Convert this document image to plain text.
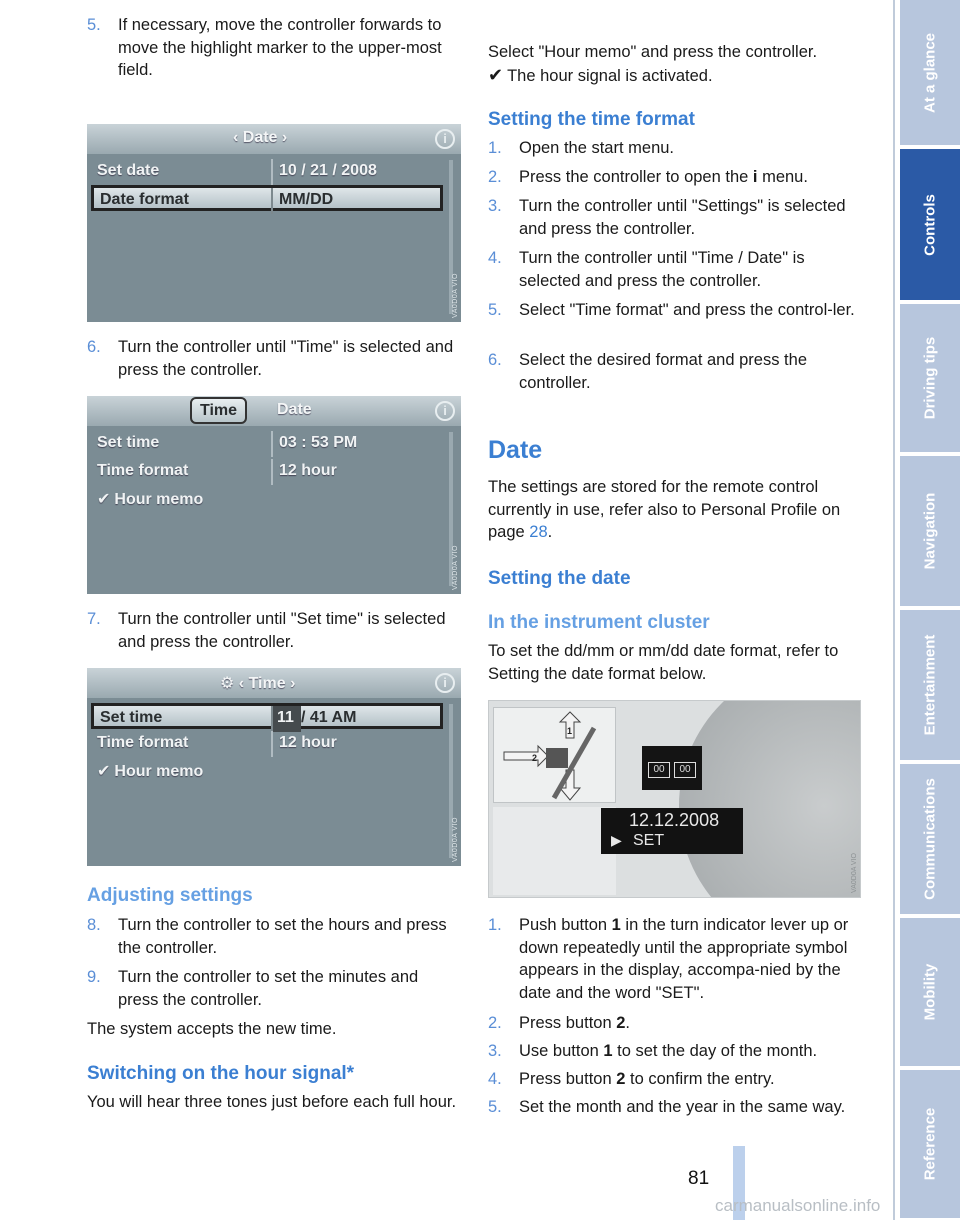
5. If necessary, move the controller forwards to move the highlight marker to the upper-most field.
‹ Date ›	i
Set date	10 / 21 / 2008
Date format	MM/DD
VA0D0A VIO
6. Turn the controller until "Time" is selected and press the controller.
Time	Date	i
Set time	03 : 53 PM
Time format	12 hour
✔ Hour memo
VA0D0A VIO
7. Turn the controller until "Set time" is selected and press the controller.
⚙ ‹ Time ›	i
Set time	11 / 41 AM
Time format	12 hour
✔ Hour memo
VA0D0A VIO
Adjusting settings
8. Turn the controller to set the hours and press the controller.
9. Turn the controller to set the minutes and press the controller.
The system accepts the new time.
Switching on the hour signal*
You will hear three tones just before each full hour.
Select "Hour memo" and press the controller.
✔ The hour signal is activated.
Setting the time format
1. Open the start menu.
2. Press the controller to open the i menu.
3. Turn the controller until "Settings" is selected and press the controller.
4. Turn the controller until "Time / Date" is selected and press the controller.
5. Select "Time format" and press the control-ler.
6. Select the desired format and press the controller.
Date
The settings are stored for the remote control currently in use, refer also to Personal Profile on page 28.
Setting the date
In the instrument cluster
To set the dd/mm or mm/dd date format, refer to Setting the date format below.
2
1
00	00
12.12.2008
▶ SET
VA0D0A VIO
1. Push button 1 in the turn indicator lever up or down repeatedly until the appropriate symbol appears in the display, accompa-nied by the date and the word "SET".
2. Press button 2.
3. Use button 1 to set the day of the month.
4. Press button 2 to confirm the entry.
5. Set the month and the year in the same way.
At a glance
Controls
Driving tips
Navigation
Entertainment
Communications
Mobility
Reference
81
carmanualsonline.info
